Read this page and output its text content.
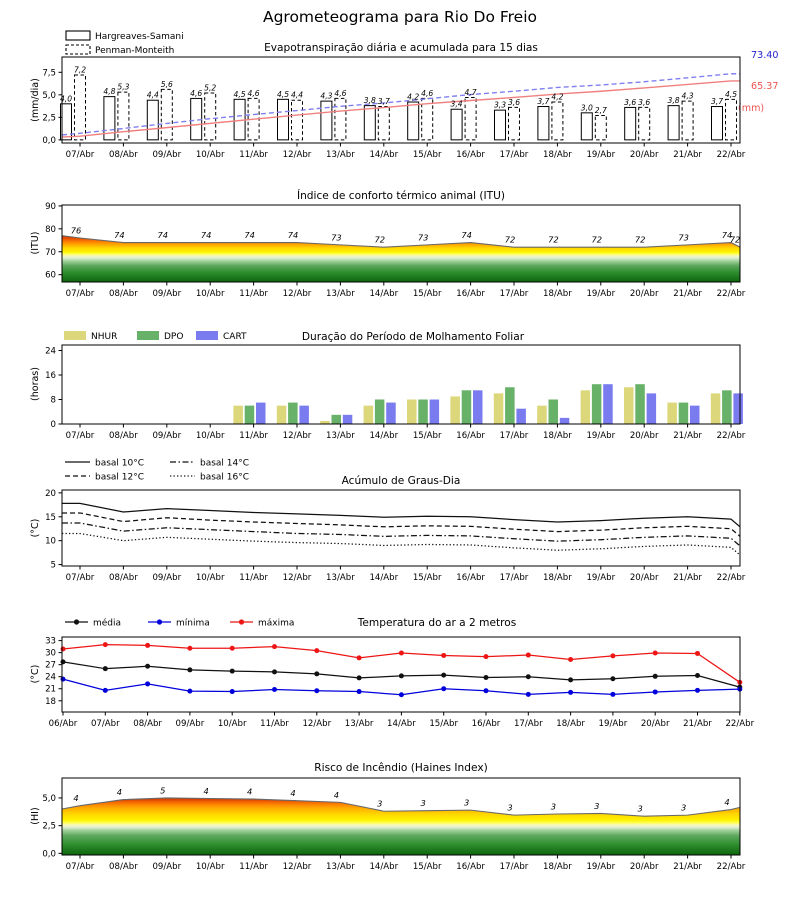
Agrometeograma para Rio Do Freio
Evapotranspiração diária e acumulada para 15 dias
(mm/dia)
Hargreaves-Samani
Penman-Monteith	73.40
65.37
(mm)
4,0
7,2
4,8
5,3
4,4
5,6
4,6
5,2
4,5 4,6 4,5 4,4 4,3 4,6
3,8 3,7
4,2 4,6
3,4
4,7
3,3 3,6 3,7
4,2
3,0 2,7
3,6 3,6 3,8
4,3
3,7
4,5
0,0
2,5
5,0
7,5
07/Abr 08/Abr 09/Abr 10/Abr 11/Abr 12/Abr 13/Abr 14/Abr 15/Abr 16/Abr 17/Abr 18/Abr 19/Abr 20/Abr 21/Abr 22/Abr
Índice de conforto térmico animal (ITU)
(ITU)
76	74	74	74	74	74	73	72	73	74	72	72	72	72	73	74
72
60
70
80
90
07/Abr 08/Abr 09/Abr 10/Abr 11/Abr 12/Abr 13/Abr 14/Abr 15/Abr 16/Abr 17/Abr 18/Abr 19/Abr 20/Abr 21/Abr 22/Abr
Duração do Período de Molhamento Foliar
(horas)
NHUR	DPO	CART
0
8
16
24
07/Abr 08/Abr 09/Abr 10/Abr 11/Abr 12/Abr 13/Abr 14/Abr 15/Abr 16/Abr 17/Abr 18/Abr 19/Abr 20/Abr 21/Abr 22/Abr
Acúmulo de Graus-Dia
(°C)
basal 10°C
basal 12°C
basal 14°C
basal 16°C
5
10
15
20
07/Abr 08/Abr 09/Abr 10/Abr 11/Abr 12/Abr 13/Abr 14/Abr 15/Abr 16/Abr 17/Abr 18/Abr 19/Abr 20/Abr 21/Abr 22/Abr
Temperatura do ar a 2 metros
(°C)
média	mínima	máxima
18
21
24
27
30
33
06/Abr 07/Abr 08/Abr 09/Abr 10/Abr 11/Abr 12/Abr 13/Abr 14/Abr 15/Abr 16/Abr 17/Abr 18/Abr 19/Abr 20/Abr 21/Abr 22/Abr
Risco de Incêndio (Haines Index)
(HI)
4
4	5	4	4	4	4
3	3	3	3	3	3	3	3
4
0,0
2,5
5,0
07/Abr 08/Abr 09/Abr 10/Abr 11/Abr 12/Abr 13/Abr 14/Abr 15/Abr 16/Abr 17/Abr 18/Abr 19/Abr 20/Abr 21/Abr 22/Abr
